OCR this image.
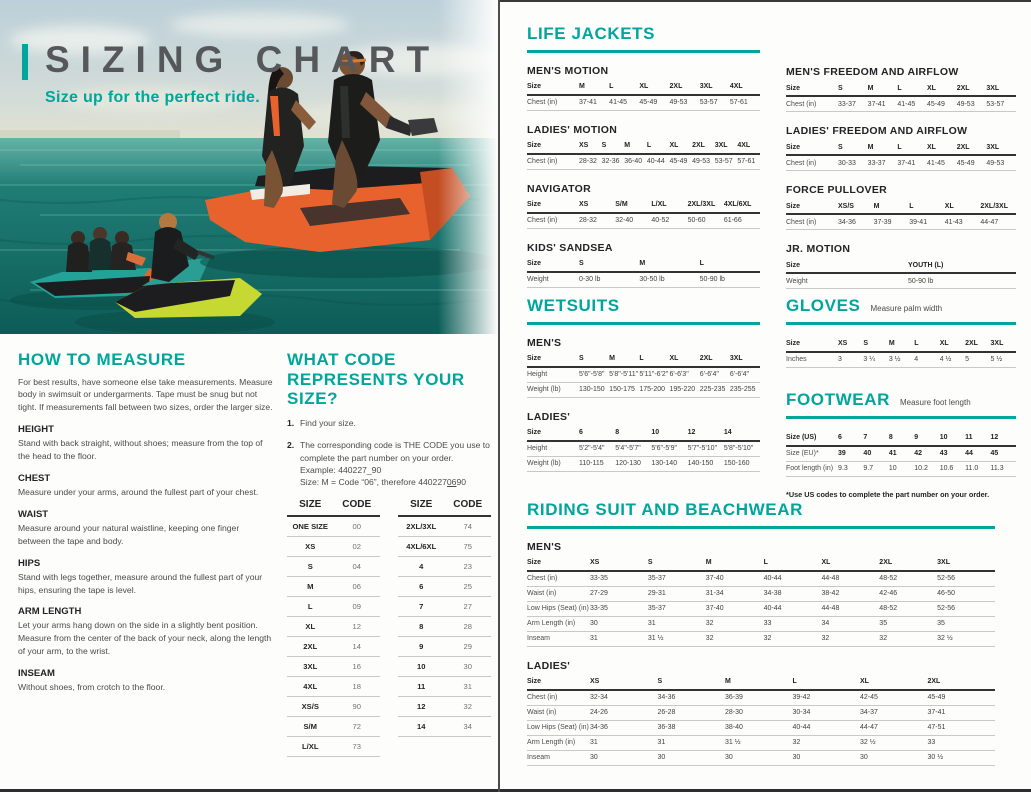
SIZING CHART
Size up for the perfect ride.
HOW TO MEASURE

For best results, have someone else take measurements. Measure body in swimsuit or undergarments. Tape must be snug but not tight. If measurements fall between two sizes, order the larger size.

HEIGHT
Stand with back straight, without shoes; measure from the top of the head to the floor.
CHEST
Measure under your arms, around the fullest part of your chest.
WAIST
Measure around your natural waistline, keeping one finger between the tape and body.
HIPS
Stand with legs together, measure around the fullest part of your hips, ensuring the tape is level.
ARM LENGTH
Let your arms hang down on the side in a slightly bent position. Measure from the center of the back of your neck, along the length of your arm, to the wrist.
INSEAM
Without shoes, from crotch to the floor.
WHAT CODE REPRESENTS YOUR SIZE?
1. Find your size.
2. The corresponding code is THE CODE you use to complete the part number on your order.
Example: 440227_90
Size: M = Code “06”, therefore 4402270690
SIZE	CODE
ONE SIZE	00
XS	02
S	04
M	06
L	09
XL	12
2XL	14
3XL	16
4XL	18
XS/S	90
S/M	72
L/XL	73
SIZE	CODE
2XL/3XL	74
4XL/6XL	75
4	23
6	25
7	27
8	28
9	29
10	30
11	31
12	32
14	34
LIFE JACKETS
MEN'S MOTION
Size	M	L	XL	2XL	3XL	4XL
Chest (in)	37-41	41-45	45-49	49-53	53-57	57-61
LADIES' MOTION
Size	XS	S	M	L	XL	2XL	3XL	4XL
Chest (in)	28-32 32-36 36-40 40-44 45-49 49-53 53-57 57-61
NAVIGATOR
Size	XS	S/M	L/XL	2XL/3XL	4XL/6XL
Chest (in)	28-32	32-40	40-52	50-60	61-66
KIDS' SANDSEA
Size	S	M	L
Weight	0-30 lb	30-50 lb	50-90 lb
MEN'S FREEDOM AND AIRFLOW
Size	S	M	L	XL	2XL	3XL
Chest (in)	33-37	37-41	41-45	45-49	49-53	53-57
LADIES' FREEDOM AND AIRFLOW
Size	S	M	L	XL	2XL	3XL
Chest (in)	30-33	33-37	37-41	41-45	45-49	49-53
FORCE PULLOVER
Size	XS/S	M	L	XL	2XL/3XL
Chest (in)	34-36	37-39	39-41	41-43	44-47
JR. MOTION
Size	YOUTH (L)
Weight	50-90 lb
WETSUITS
MEN'S
Size	S	M	L	XL	2XL	3XL
Height	5'6"-5'8" 5'8"-5'11" 5'11"-6'2" 6'-6'3"	6'-6'4"	6'-6'4"
Weight (lb)	130-150 150-175 175-200 195-220 225-235 235-255
LADIES'
Size	6	8	10	12	14
Height	5'2"-5'4"	5'4"-5'7"	5'6"-5'9"	5'7"-5'10" 5'8"-5'10"
Weight (lb)	110-115	120-130	130-140	140-150	150-160
GLOVES Measure palm width
Size	XS	S	M	L	XL	2XL	3XL
Inches	3	3 ¼	3 ½	4	4 ½	5	5 ½
FOOTWEAR Measure foot length
Size (US)	6	7	8	9	10	11	12
Size (EU)*	39	40	41	42	43	44	45
Foot length (in) 9.3	9.7	10	10.2	10.6	11.0	11.3
*Use US codes to complete the part number on your order.
RIDING SUIT AND BEACHWEAR
MEN'S
Size	XS	S	M	L	XL	2XL	3XL
Chest (in)	33-35	35-37	37-40	40-44	44-48	48-52	52-56
Waist (in)	27-29	29-31	31-34	34-38	38-42	42-46	46-50
Low Hips (Seat) (in) 33-35	35-37	37-40	40-44	44-48	48-52	52-56
Arm Length (in)	30	31	32	33	34	35	35
Inseam	31	31 ½	32	32	32	32	32 ½
LADIES'
Size	XS	S	M	L	XL	2XL
Chest (in)	32-34	34-36	36-39	39-42	42-45	45-49
Waist (in)	24-26	26-28	28-30	30-34	34-37	37-41
Low Hips (Seat) (in) 34-36	36-38	38-40	40-44	44-47	47-51
Arm Length (in)	31	31	31 ½	32	32 ½	33
Inseam	30	30	30	30	30	30 ½
